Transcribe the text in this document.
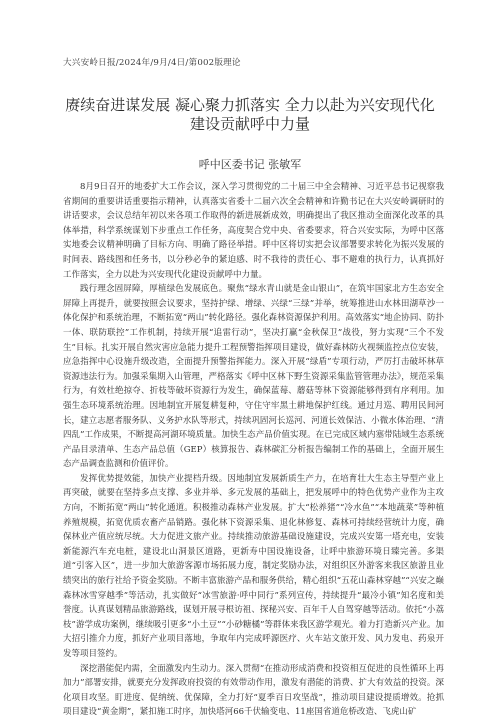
大兴安岭日报/2024年/9月/4日/第002版理论
赓续奋进谋发展 凝心聚力抓落实 全力以赴为兴安现代化
建设贡献呼中力量
呼中区委书记 张敏军

8月9日召开的地委扩大工作会议，深入学习贯彻党的二十届三中全会精神、习近平总书记视察我省期间的重要讲话重要指示精神，认真落实省委十二届六次全会精神和许勤书记在大兴安岭调研时的讲话要求，会议总结年初以来各项工作取得的新进展新成效，明确提出了我区推动全面深化改革的具体举措，科学系统谋划下步重点工作任务，高度契合党中央、省委要求，符合兴安实际，为呼中区落实地委会议精神明确了目标方向、明确了路径举措。呼中区将切实把会议部署要求转化为振兴发展的时间表、路线图和任务书，以分秒必争的紧迫感、时不我待的责任心、事不避难的执行力，认真抓好工作落实，全力以赴为兴安现代化建设贡献呼中力量。

践行理念固屏障，厚植绿色发展底色。聚焦“绿水青山就是金山银山”，在筑牢国家北方生态安全屏障上再提升，就要按照会议要求，坚持护绿、增绿、兴绿“三绿”并举，统筹推进山水林田湖草沙一体化保护和系统治理，不断拓宽“两山”转化路径。强化森林资源保护利用。高效落实“地企协同、防扑一体、联防联控”工作机制，持续开展“追雷行动”，坚决打赢“金秋保卫”战役，努力实现“三个不发生”目标。扎实开展自然灾害应急能力提升工程预警指挥项目建设，做好森林防火视频监控点位安装，应急指挥中心设施升级改造，全面提升预警指挥能力。深入开展“绿盾”专项行动，严厉打击破坏林草资源违法行为。加强采集期入山管理，严格落实《呼中区林下野生资源采集监管管理办法》，规范采集行为，有效杜绝掠夺、折枝等破坏资源行为发生，确保蓝莓、蘑菇等林下资源能够得到有序利用。加强生态环境系统治理。因地制宜开展复耕复种，守住守牢黑土耕地保护红线。通过月巡、聘用民间河长，建立志愿者服务队、义务护水队等形式，持续巩固河长巡河、河道长效保洁、小微水体治理、“清四乱”工作成果，不断提高河湖环境质量。加快生态产品价值实现。在已完成区域内塞带陆域生态系统产品目录清单、生态产品总值（GEP）核算报告、森林碳汇分析报告编制工作的基础上，全面开展生态产品调查监测和价值评价。

发挥优势提效能，加快产业提档升级。因地制宜发展新质生产力，在培育壮大生态主导型产业上再突破，就要在坚持多点支撑、多业并举、多元发展的基础上，把发展呼中的特色优势产业作为主攻方向，不断拓宽“两山”转化通道。积极推动森林产业发展。扩大“松养猪”“冷水鱼”“本地蔬菜”等种植养殖规模，拓宽优质农畜产品销路。强化林下资源采集、退化林修复、森林可持续经营统计力度，确保林业产值应统尽统。大力促进文旅产业。持续推动旅游基础设施建设，完成兴安第一塔充电，安装新能源汽车充电桩，建设北山洞景区道路，更新寿中国设施设备，让呼中旅游环境日臻完善。多渠道“引客入区”，进一步加大旅游客源市场拓展力度，制定奖励办法，对组织区外游客来我区旅游且业绩突出的旅行社给予资金奖励。不断丰富旅游产品和服务供给，精心组织“五花山森林穿越”“兴安之巅森林冰雪穿越季”等活动，扎实做好“冰雪旅游·呼中同行”系列宣传，持续提升“最冷小镇”知名度和美誉度。认真谋划精品旅游路线，谋划开展寻根访祖、探秘兴安、百年千人自驾穿越等活动。依托“小荔枝”游学成功案例，继续吸引更多“小土豆”“小砂糖橘”等群体来我区游学观光。着力打造新兴产业。加大招引推介力度，抓好产业项目落地，争取年内完成呼源医疗、火车站文旅开发、风力发电、药泉开发等项目签约。

深挖潜能促内需，全面激发内生动力。深入贯彻“在推动形成消费和投资相互促进的良性循环上再加力”部署安排，就要充分发挥政府投资的有效带动作用，激发有潜能的消费、扩大有效益的投资。深化项目攻坚。盯进度、促纳统、优保障，全力打好“夏季百日攻坚战”，推动项目建设提质增效。抢抓项目建设“黄金期”，紧扣施工时序，加快塔河66千伏输变电、11座国省道危桥改造、飞虎山矿
